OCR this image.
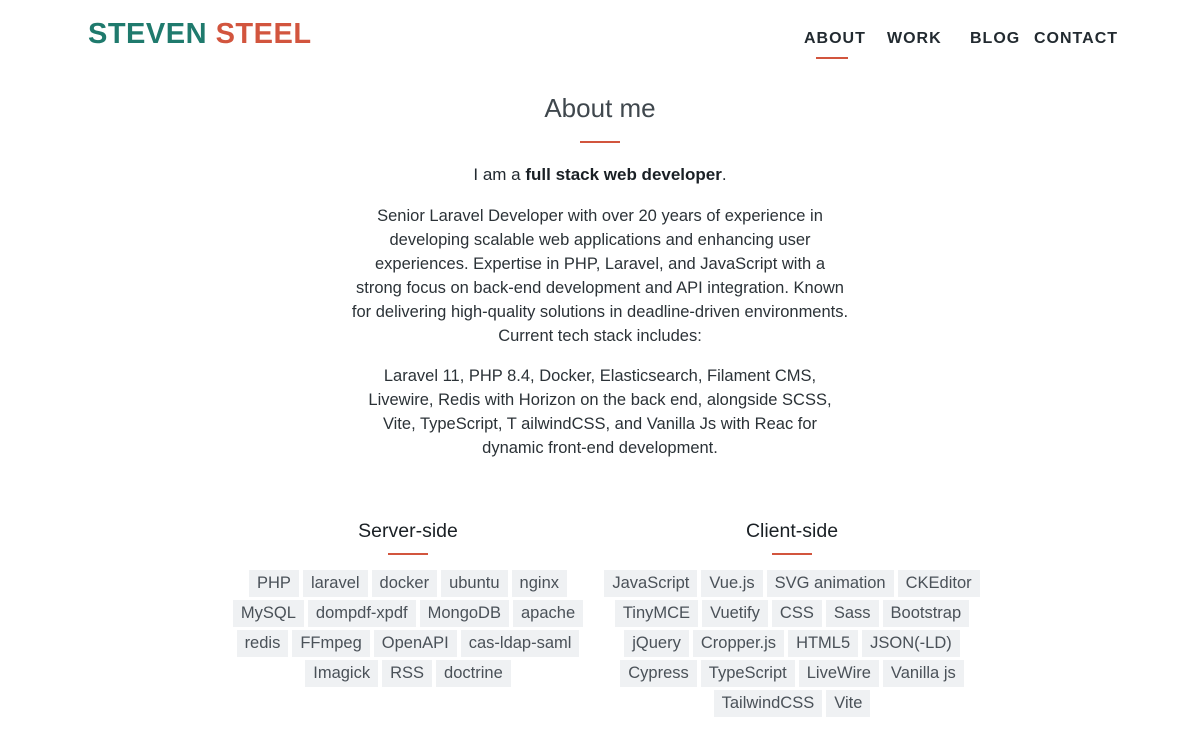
STEVEN STEEL	ABOUT WORK BLOG CONTACT
About me

I am a full stack web developer.

Senior Laravel Developer with over 20 years of experience in developing scalable web applications and enhancing user experiences. Expertise in PHP, Laravel, and JavaScript with a strong focus on back-end development and API integration. Known for delivering high-quality solutions in deadline-driven environments. Current tech stack includes:

Laravel 11, PHP 8.4, Docker, Elasticsearch, Filament CMS, Livewire, Redis with Horizon on the back end, alongside SCSS, Vite, TypeScript, T ailwindCSS, and Vanilla Js with Reac for dynamic front-end development.

Server-side
PHP	laravel	docker	ubuntu	nginx
MySQL	dompdf-xpdf	MongoDB	apache
redis	FFmpeg	OpenAPI	cas-ldap-saml
Imagick	RSS	doctrine
Client-side
JavaScript	Vue.js	SVG animation	CKEditor
TinyMCE	Vuetify	CSS	Sass	Bootstrap
jQuery	Cropper.js	HTML5	JSON(-LD)
Cypress	TypeScript	LiveWire	Vanilla js
TailwindCSS	Vite
